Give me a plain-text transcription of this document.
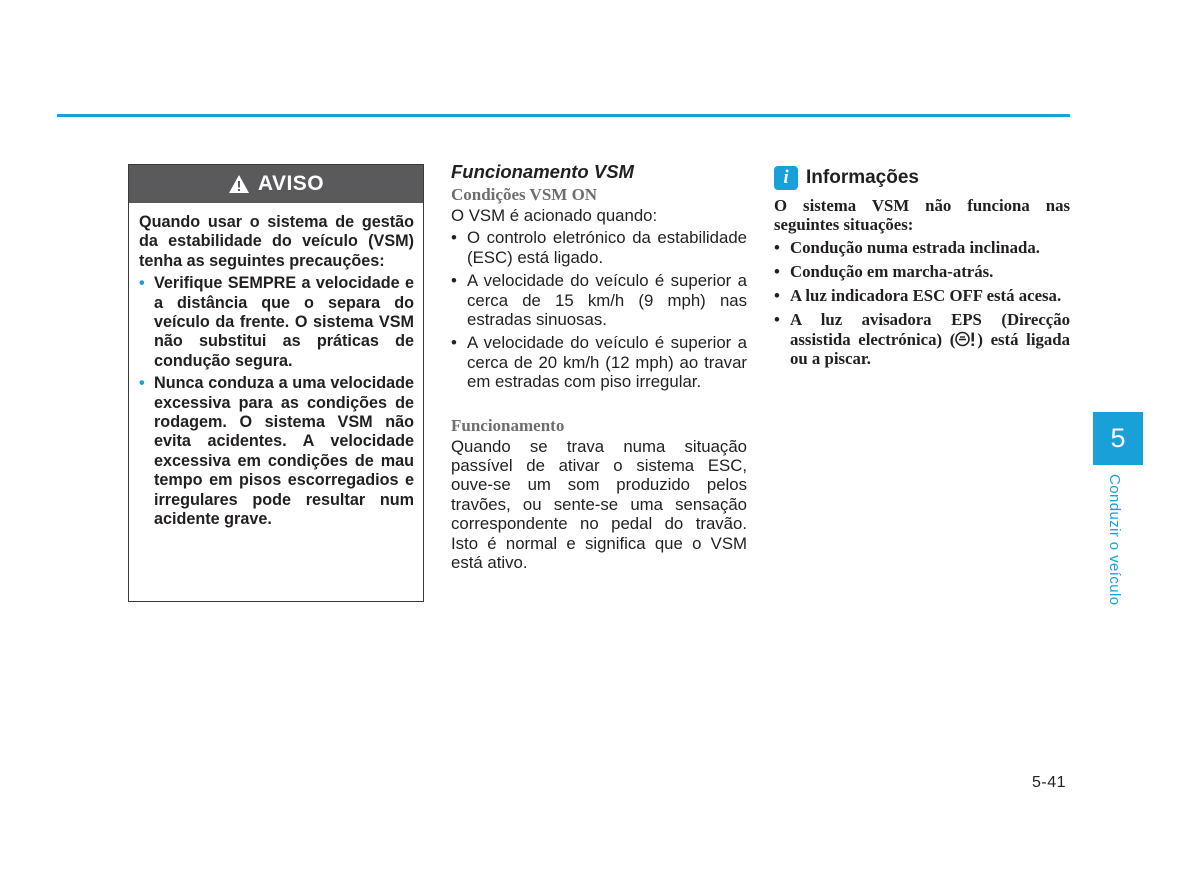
AVISO

Quando usar o sistema de gestão da estabilidade do veículo (VSM) tenha as seguintes precauções:

• Verifique SEMPRE a velocidade e a distância que o separa do veículo da frente. O sistema VSM não substitui as práticas de condução segura.
• Nunca conduza a uma velocidade excessiva para as condições de rodagem. O sistema VSM não evita acidentes. A velocidade excessiva em condições de mau tempo em pisos escorregadios e irregulares pode resultar num acidente grave.
Funcionamento VSM
Condições VSM ON

O VSM é acionado quando:

• O controlo eletrónico da estabilidade (ESC) está ligado.
• A velocidade do veículo é superior a cerca de 15 km/h (9 mph) nas estradas sinuosas.
• A velocidade do veículo é superior a cerca de 20 km/h (12 mph) ao travar em estradas com piso irregular.
Funcionamento

Quando se trava numa situação passível de ativar o sistema ESC, ouve-se um som produzido pelos travões, ou sente-se uma sensação correspondente no pedal do travão. Isto é normal e significa que o VSM está ativo.

i Informações

O sistema VSM não funciona nas seguintes situações:

• Condução numa estrada inclinada.
• Condução em marcha-atrás.
• A luz indicadora ESC OFF está acesa.
• A luz avisadora EPS (Direcção assistida electrónica) ( ) está ligada ou a piscar.
5
Conduzir o veículo
5-41
